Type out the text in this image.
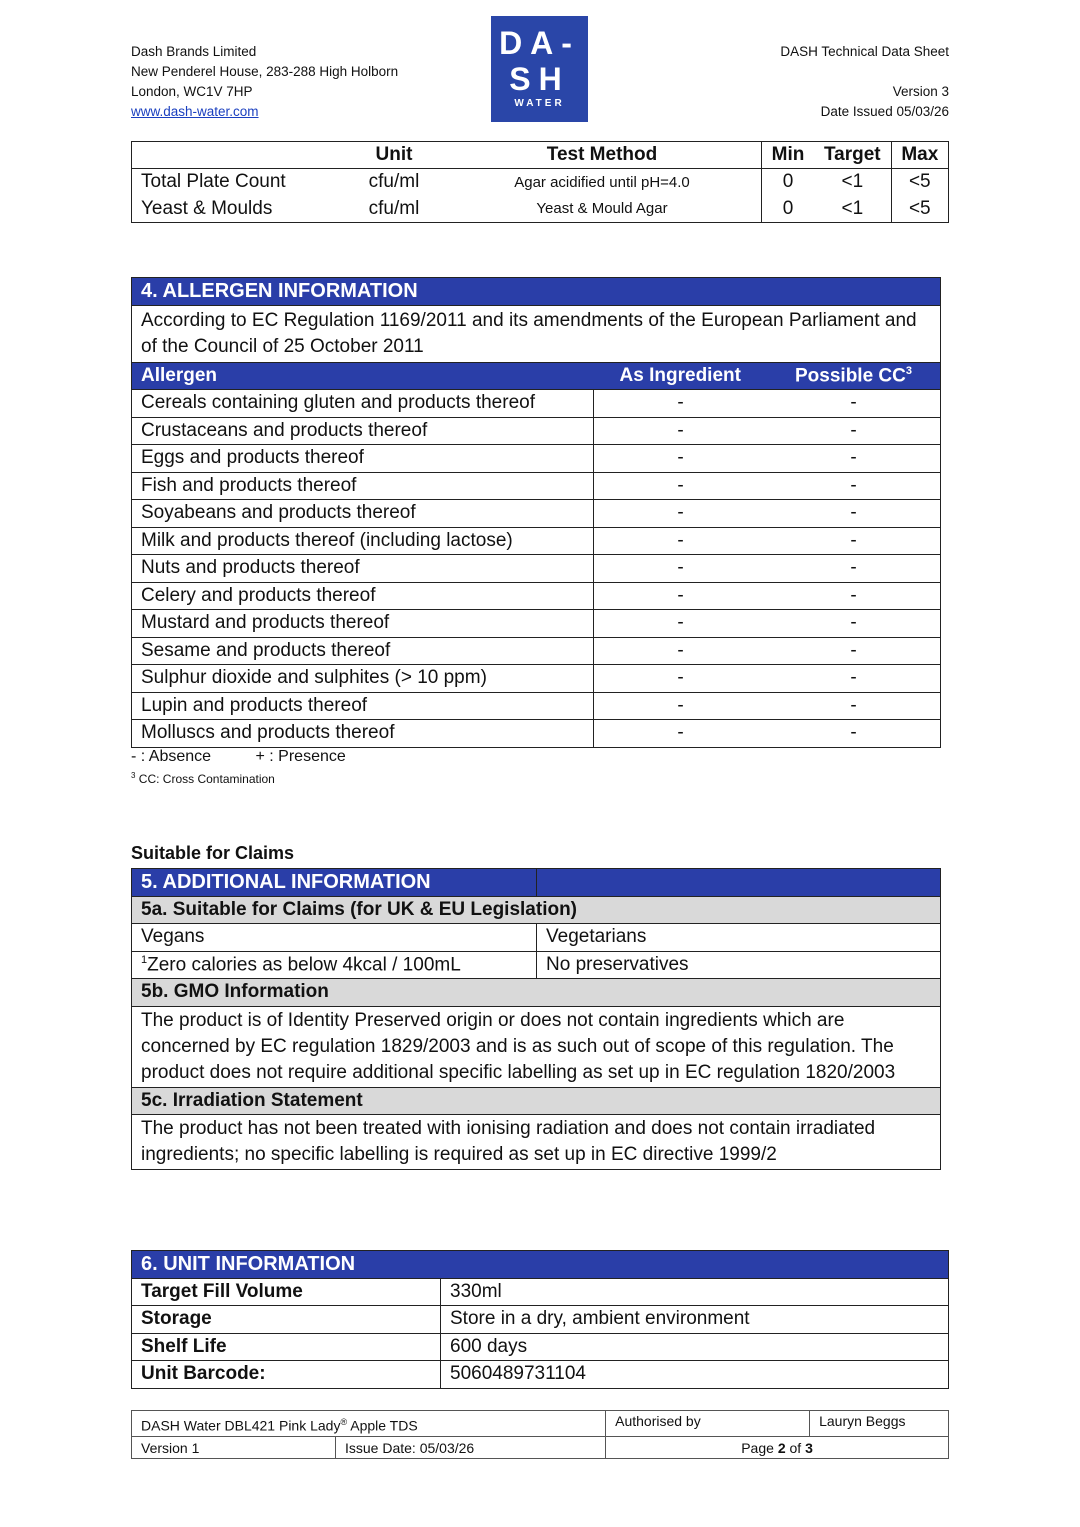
Dash Brands Limited
New Penderel House, 283-288 High Holborn
London, WC1V 7HP
www.dash-water.com
DA-
SH
WATER
DASH Technical Data Sheet

Version 3
Date Issued 05/03/26
	Unit	Test Method	Min	Target	Max
Total Plate Count	cfu/ml	Agar acidified until pH=4.0	0	<1	<5
Yeast & Moulds	cfu/ml	Yeast & Mould Agar	0	<1	<5
4. ALLERGEN INFORMATION		
According to EC Regulation 1169/2011 and its amendments of the European Parliament and of the Council of 25 October 2011		
Allergen	As Ingredient	Possible $CC^3$
Cereals containing gluten and products thereof	-	-
Crustaceans and products thereof	-	-
Eggs and products thereof	-	-
Fish and products thereof	-	-
Soyabeans and products thereof	-	-
Milk and products thereof (including lactose)	-	-
Nuts and products thereof	-	-
Celery and products thereof	-	-
Mustard and products thereof	-	-
Sesame and products thereof	-	-
Sulphur dioxide and sulphites (> 10 ppm)	-	-
Lupin and products thereof	-	-
Molluscs and products thereof	-	-
- : Absence	+ : Presence
$^3$ CC: Cross Contamination
Suitable for Claims
5. ADDITIONAL INFORMATION	
5a. Suitable for Claims (for UK & EU Legislation)	
Vegans	Vegetarians
$^1$Zero calories as below 4kcal / 100mL	No preservatives
5b. GMO Information	
The product is of Identity Preserved origin or does not contain ingredients which are concerned by EC regulation 1829/2003 and is as such out of scope of this regulation. The product does not require additional specific labelling as set up in EC regulation 1820/2003	
5c. Irradiation Statement	
The product has not been treated with ionising radiation and does not contain irradiated ingredients; no specific labelling is required as set up in EC directive 1999/2	
6. UNIT INFORMATION	
Target Fill Volume	330ml
Storage	Store in a dry, ambient environment
Shelf Life	600 days
Unit Barcode:	5060489731104
DASH Water DBL421 Pink Lady® Apple TDS		Authorised by	Lauryn Beggs
Version 1	Issue Date: 05/03/26	Page 2 of 3	
